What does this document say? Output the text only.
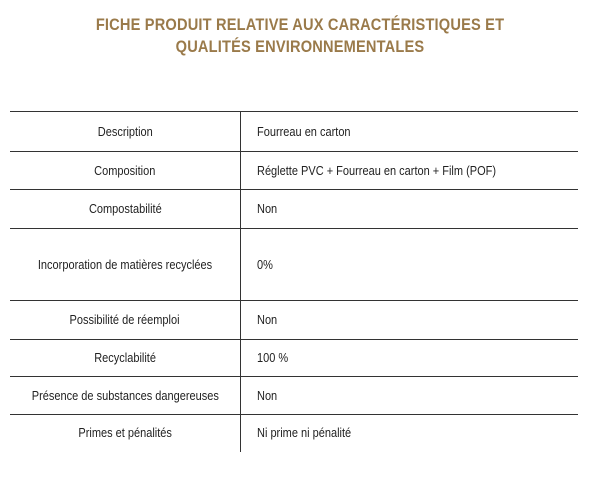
FICHE PRODUIT RELATIVE AUX CARACTÉRISTIQUES ET
QUALITÉS ENVIRONNEMENTALES
Description	Fourreau en carton
Composition	Réglette PVC + Fourreau en carton + Film (POF)
Compostabilité	Non
Incorporation de matières recyclées	0%
Possibilité de réemploi	Non
Recyclabilité	100 %
Présence de substances dangereuses	Non
Primes et pénalités	Ni prime ni pénalité
